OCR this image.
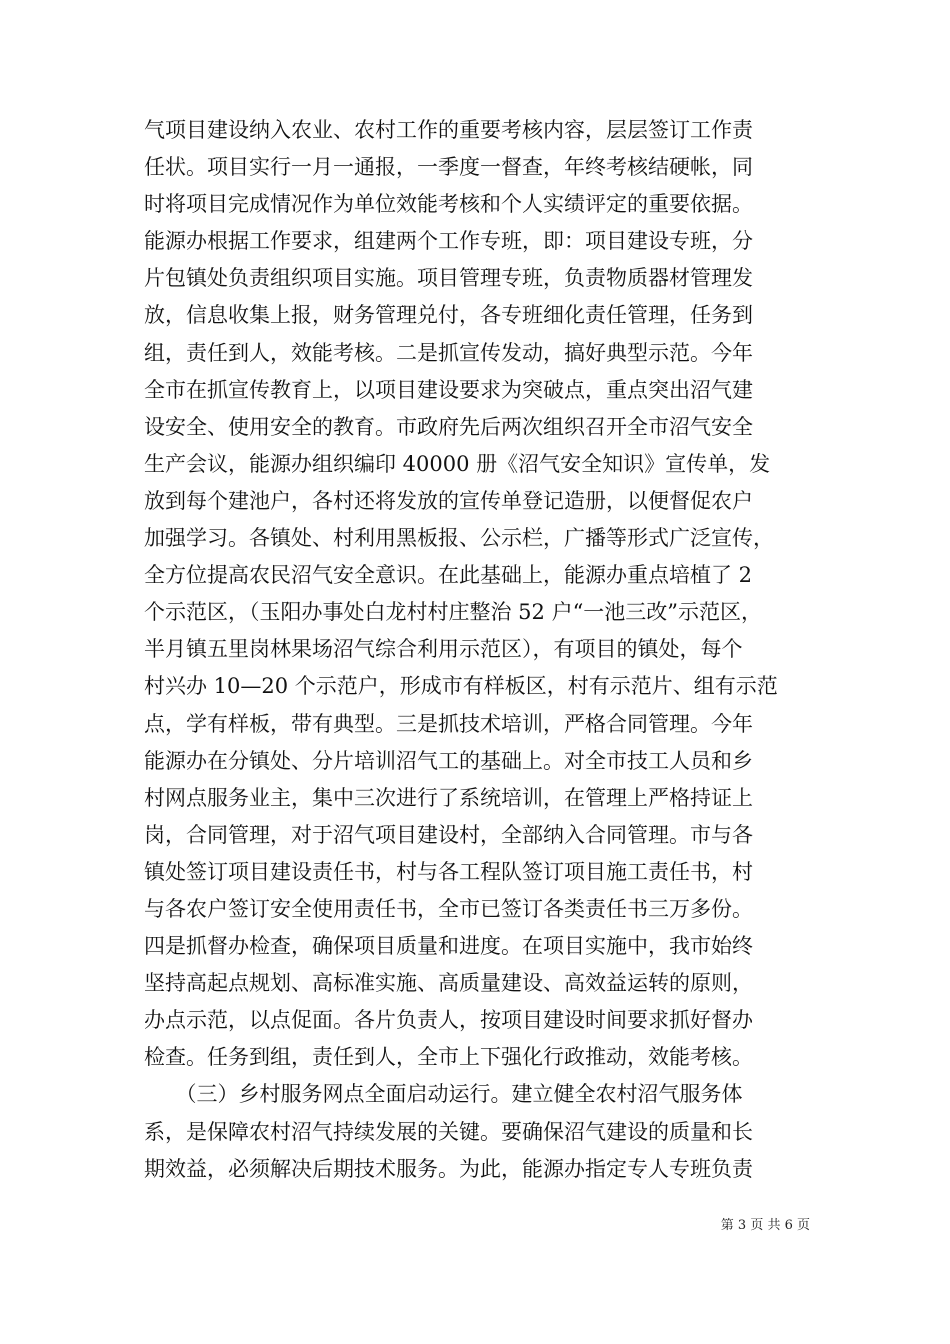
气项目建设纳入农业、农村工作的重要考核内容，层层签订工作责
任状。项目实行一月一通报，一季度一督查，年终考核结硬帐，同
时将项目完成情况作为单位效能考核和个人实绩评定的重要依据。
能源办根据工作要求，组建两个工作专班，即：项目建设专班，分
片包镇处负责组织项目实施。项目管理专班，负责物质器材管理发
放，信息收集上报，财务管理兑付，各专班细化责任管理，任务到
组，责任到人，效能考核。二是抓宣传发动，搞好典型示范。今年
全市在抓宣传教育上，以项目建设要求为突破点，重点突出沼气建
设安全、使用安全的教育。市政府先后两次组织召开全市沼气安全
生产会议，能源办组织编印 40000 册《沼气安全知识》宣传单，发
放到每个建池户，各村还将发放的宣传单登记造册，以便督促农户
加强学习。各镇处、村利用黑板报、公示栏，广播等形式广泛宣传，
全方位提高农民沼气安全意识。在此基础上，能源办重点培植了 2
个示范区，（玉阳办事处白龙村村庄整治 52 户“一池三改”示范区，
半月镇五里岗林果场沼气综合利用示范区），有项目的镇处，每个
村兴办 10—20 个示范户，形成市有样板区，村有示范片、组有示范
点，学有样板，带有典型。三是抓技术培训，严格合同管理。今年
能源办在分镇处、分片培训沼气工的基础上。对全市技工人员和乡
村网点服务业主，集中三次进行了系统培训，在管理上严格持证上
岗，合同管理，对于沼气项目建设村，全部纳入合同管理。市与各
镇处签订项目建设责任书，村与各工程队签订项目施工责任书，村
与各农户签订安全使用责任书，全市已签订各类责任书三万多份。
四是抓督办检查，确保项目质量和进度。在项目实施中，我市始终
坚持高起点规划、高标准实施、高质量建设、高效益运转的原则，
办点示范，以点促面。各片负责人，按项目建设时间要求抓好督办
检查。任务到组，责任到人，全市上下强化行政推动，效能考核。
　　（三）乡村服务网点全面启动运行。建立健全农村沼气服务体
系，是保障农村沼气持续发展的关键。要确保沼气建设的质量和长
期效益，必须解决后期技术服务。为此，能源办指定专人专班负责
第 3 页 共 6 页
